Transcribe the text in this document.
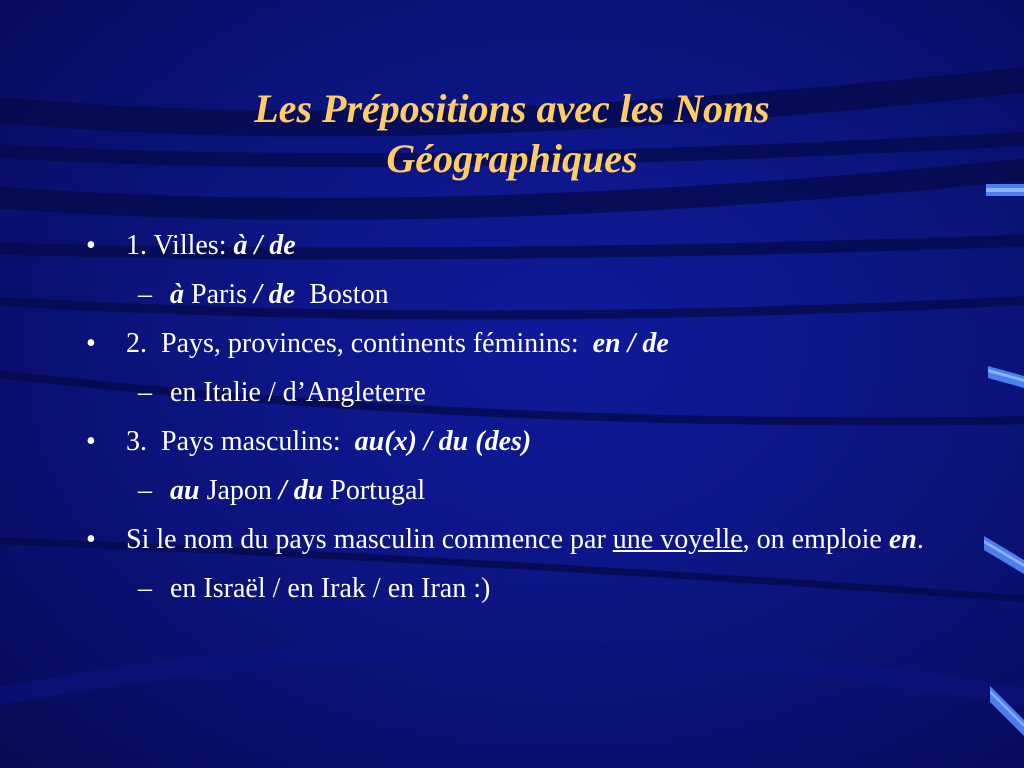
Les Prépositions avec les Noms
Géographiques

• 1. Villes: à / de

– à Paris / de  Boston

• 2.  Pays, provinces, continents féminins:  en / de

– en Italie / d’Angleterre

• 3.  Pays masculins:  au(x) / du (des)

– au Japon / du Portugal

• Si le nom du pays masculin commence par une voyelle, on emploie en.

– en Israël / en Irak / en Iran :)
